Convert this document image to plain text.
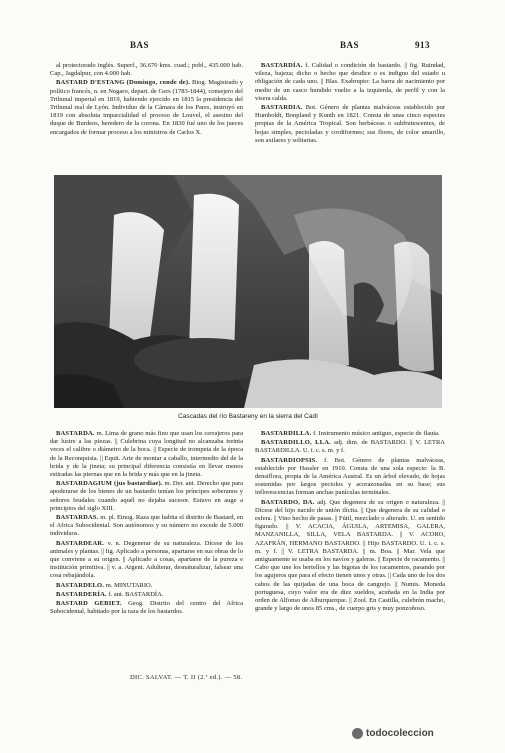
BAS	BAS	913

al protectorado inglés. Superf., 36.670 kms. cuad.; pobl., 435.000 hab. Cap., Jagdalpur, con 4.000 hab.

BASTARD D'ESTANG (Domingo, conde de). Biog. Magistrado y político francés, n. en Nogaro, depart. de Gers (1783-1844), consejero del Tribunal imperial en 1819, habiendo ejercido en 1815 la presidencia del Tribunal real de Lyón. Individuo de la Cámara de los Pares, instruyó en 1819 con absoluta imparcialidad el proceso de Louvel, el asesino del duque de Burdeos, heredero de la corona. En 1830 fué uno de los jueces encargados de formar proceso a los ministros de Carlos X.

BASTARDÍA. f. Calidad o condición de bastardo. || fig. Ruindad, vileza, bajeza; dicho o hecho que desdice o es indigno del estado u obligación de cada uno. || Blas. Exabrupto: La barra de nacimiento por medio de un casco hundido vuelto a la izquierda, de perfil y con la visera calda.

BASTARDIA. Bot. Género de plantas malváceas establecido por Humboldt, Bonpland y Kunth en 1821. Consta de unas cinco especies propias de la América Tropical. Son herbáceas o subfrutescentes, de hojas simples, pecioladas y cordiformes; sus flores, de color amarillo, son axilares y solitarias.

Cascadas del río Bastareny en la sierra del Cadí

BASTARDA. m. Lima de grano más fino que usan los cerrajeros para dar lustre a las piezas. || Culebrina cuya longitud no alcanzaba treinta veces el calibre o diámetro de la boca. || Especie de trompeta de la época de la Reconquista. || Equit. Arte de montar a caballo, intermedio del de la brida y de la jineta; su principal diferencia consistía en llevar menos estiradas las piernas que en la brida y más que en la jineta.

BASTARDAGIUM (jus bastardiae). m. Der. ant. Derecho que para apoderarse de los bienes de un bastardo tenían los príncipes soberanos y señores feudales cuando aquél no dejaba sucesor. Estuvo en auge a principios del siglo XIII.

BASTARDAS. m. pl. Etnog. Raza que habita el distrito de Bastard, en el Africa Subocidental. Son autónomos y su número no excede de 5.000 individuos.

BASTARDEAR. v. n. Degenerar de su naturaleza. Dícese de los animales y plantas. || fig. Aplicado a personas, apartarse en sus obras de lo que conviene a su origen. || Aplicado a cosas, apartarse de la pureza e institución primitiva. || v. a. Argent. Adulterar, desnaturalizar, falsear una cosa rebajándola.

BASTARDELO. m. MINUTARIO.

BASTARDERÍA. f. ant. BASTARDÍA.

BASTARD GEBIET. Geog. Distrito del centro del Africa Subocidental, habitado por la raza de los bastardos.

BASTARDILLA. f. Instrumento músico antiguo, especie de flauta.

BASTARDILLO, LLA. adj. dim. de BASTARDO. || V. LETRA BASTARDILLA. U. t. c. s. m. y f.

BASTARDIOPSIS. f. Bot. Género de plantas malváceas, establecido por Hassler en 1910. Consta de una sola especie: la B. densiflora, propia de la América Austral. Es un árbol elevado, de hojas sostenidas por largos peciolos y acorazonadas en su base; sus inflorescencias forman anchas panículas terminales.

BASTARDO, DA. adj. Que degenera de su origen o naturaleza. || Dícese del hijo nacido de unión ilícita. || Que degenera de su calidad o esfera. || Vino hecho de pasas. || Fútil, mezclado o alterado. U. en sentido figurado. || V. ACACIA, ÁGUILA, ARTEMISA, GALERA, MANZANILLA, SILLA, VELA BASTARDA. || V. ACORO, AZAFRÁN, HERMANO BASTARDO. || Hijo BASTARDO. U. t. c. s. m. y f. || V. LETRA BASTARDA. || m. Boa. || Mar. Vela que antiguamente se usaba en los navíos y galeras. || Especie de racamento. || Cabo que une los bertellos y las bigotas de los racamentos, pasando por los agujeros que para el efecto tienen unos y otras. || Cada uno de los dos cabos de las quijadas de una boca de cangrejo. || Numis. Moneda portuguesa, cuyo valor era de diez sueldos, acuñada en la India por orden de Alfonso de Alburquerque. || Zool. En Castilla, culebrón macho, grande y largo de unos 85 cms., de cuerpo gris y muy ponzoñoso.

DIC. SALVAT. — T. II (2.ª ed.). — 58.
todocoleccion
